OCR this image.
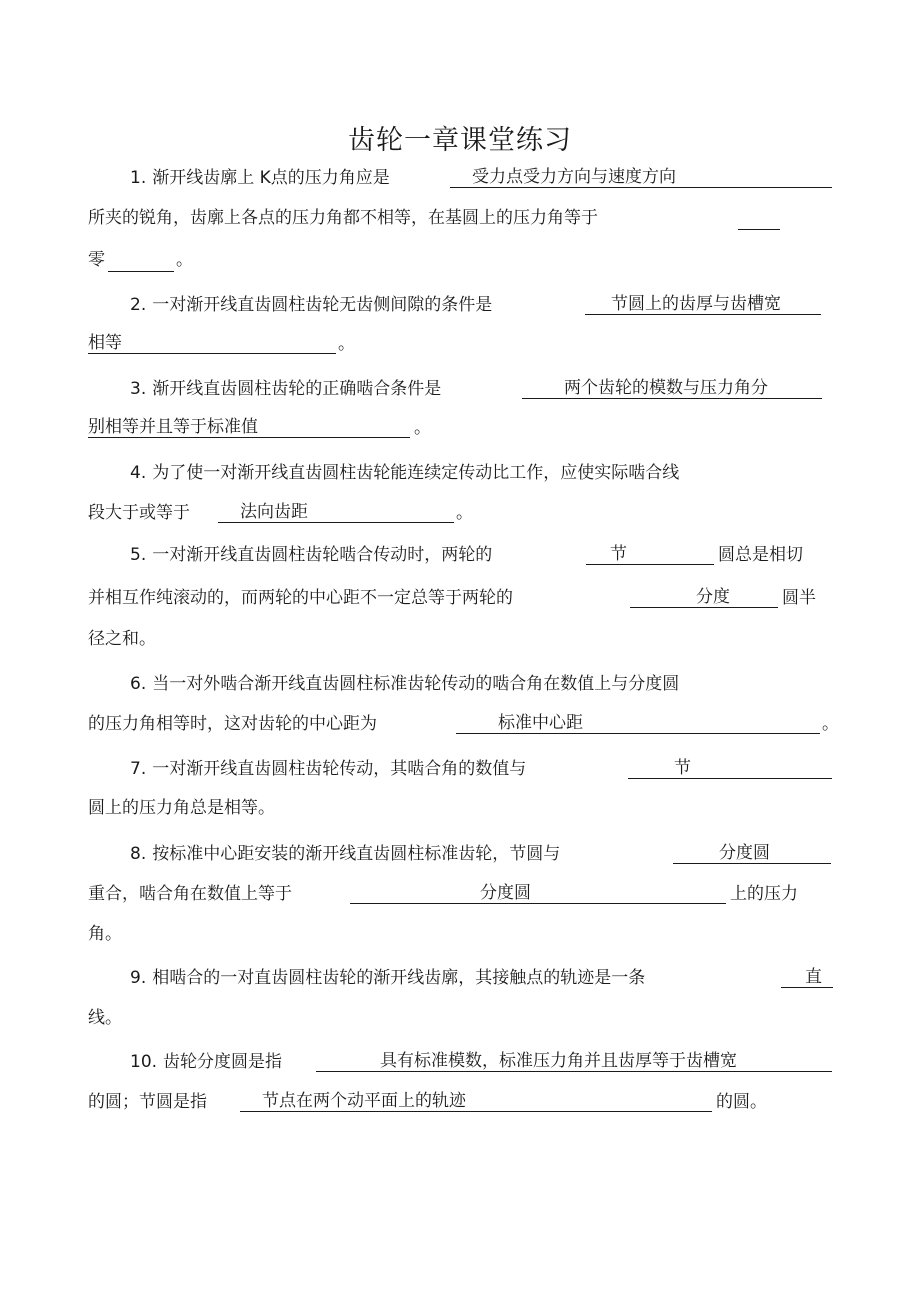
齿轮一章课堂练习
1. 渐开线齿廓上 K点的压力角应是	受力点受力方向与速度方向
所夹的锐角，齿廓上各点的压力角都不相等，在基圆上的压力角等于
零	。
2. 一对渐开线直齿圆柱齿轮无齿侧间隙的条件是	节圆上的齿厚与齿槽宽
相等	。
3. 渐开线直齿圆柱齿轮的正确啮合条件是	两个齿轮的模数与压力角分
别相等并且等于标准值	。
4. 为了使一对渐开线直齿圆柱齿轮能连续定传动比工作，应使实际啮合线
段大于或等于	法向齿距	。
5. 一对渐开线直齿圆柱齿轮啮合传动时，两轮的	节	圆总是相切
并相互作纯滚动的，而两轮的中心距不一定总等于两轮的	分度	圆半
径之和。
6. 当一对外啮合渐开线直齿圆柱标准齿轮传动的啮合角在数值上与分度圆
的压力角相等时，这对齿轮的中心距为	标准中心距	。
7. 一对渐开线直齿圆柱齿轮传动，其啮合角的数值与	节
圆上的压力角总是相等。
8. 按标准中心距安装的渐开线直齿圆柱标准齿轮，节圆与	分度圆
重合，啮合角在数值上等于	分度圆	上的压力
角。
9. 相啮合的一对直齿圆柱齿轮的渐开线齿廓，其接触点的轨迹是一条	直
线。
10. 齿轮分度圆是指	具有标准模数，标准压力角并且齿厚等于齿槽宽
的圆；节圆是指	节点在两个动平面上的轨迹	的圆。
